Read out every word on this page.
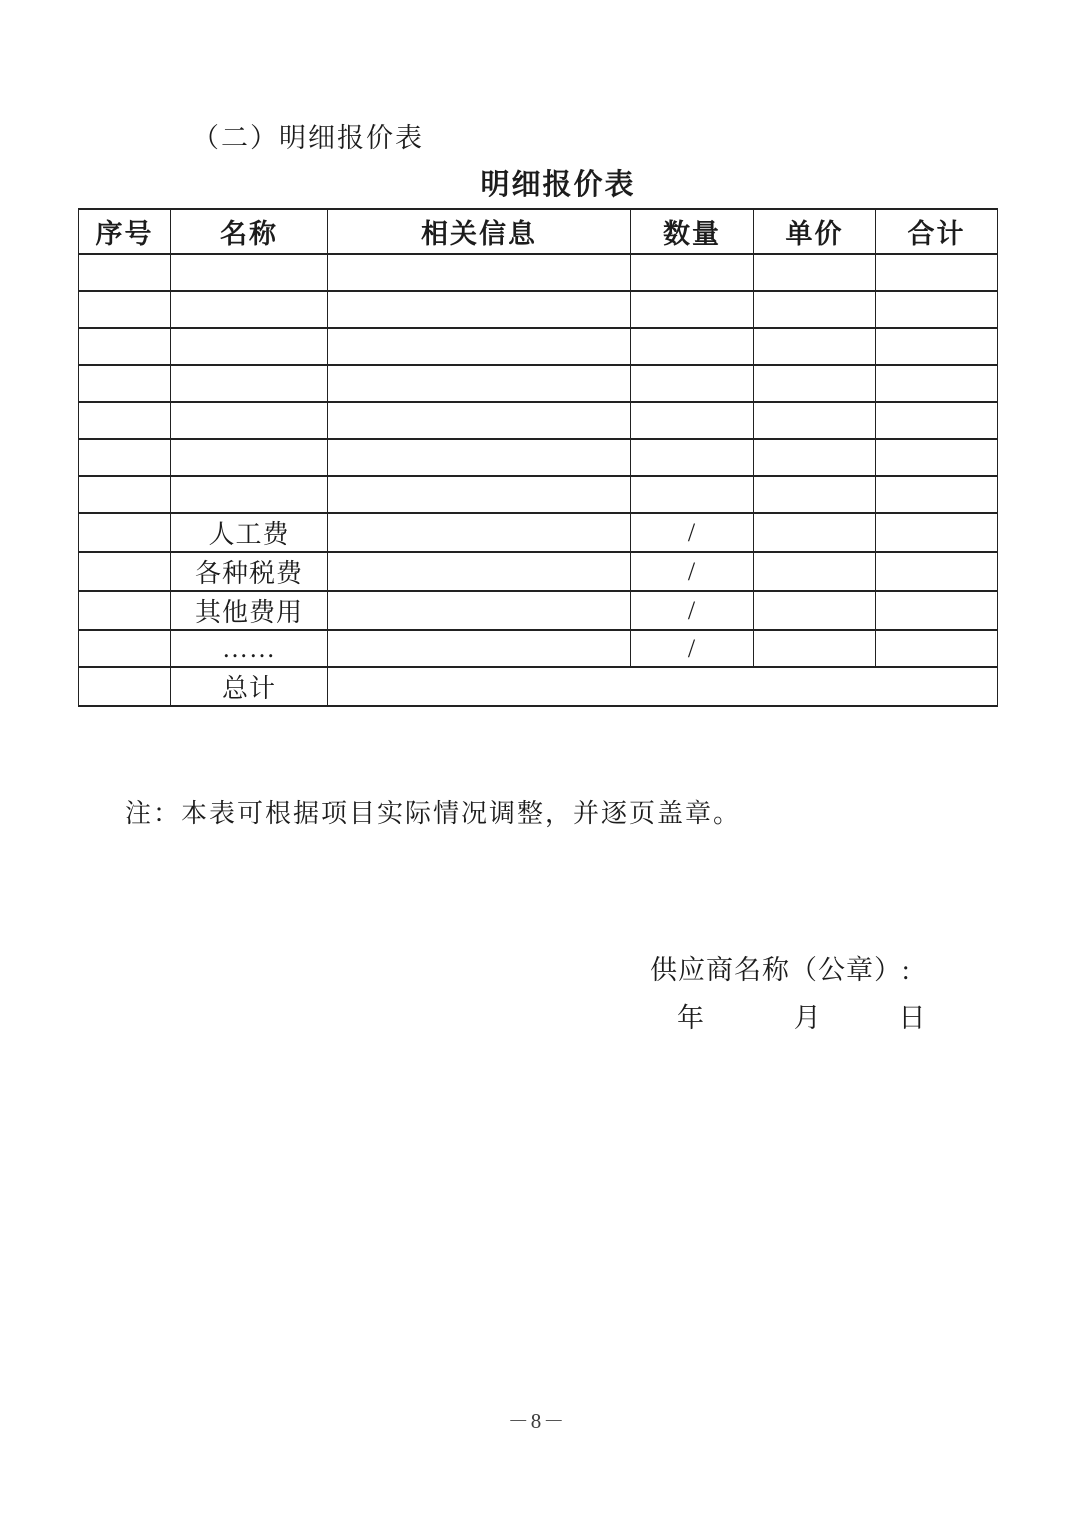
（二）明细报价表
明细报价表
序号	名称	相关信息	数量	单价	合计

	人工费		/		
	各种税费		/		
	其他费用		/		
	……		/		
	总计				
注：本表可根据项目实际情况调整，并逐页盖章。
供应商名称（公章）:
年	月	日
－8－
